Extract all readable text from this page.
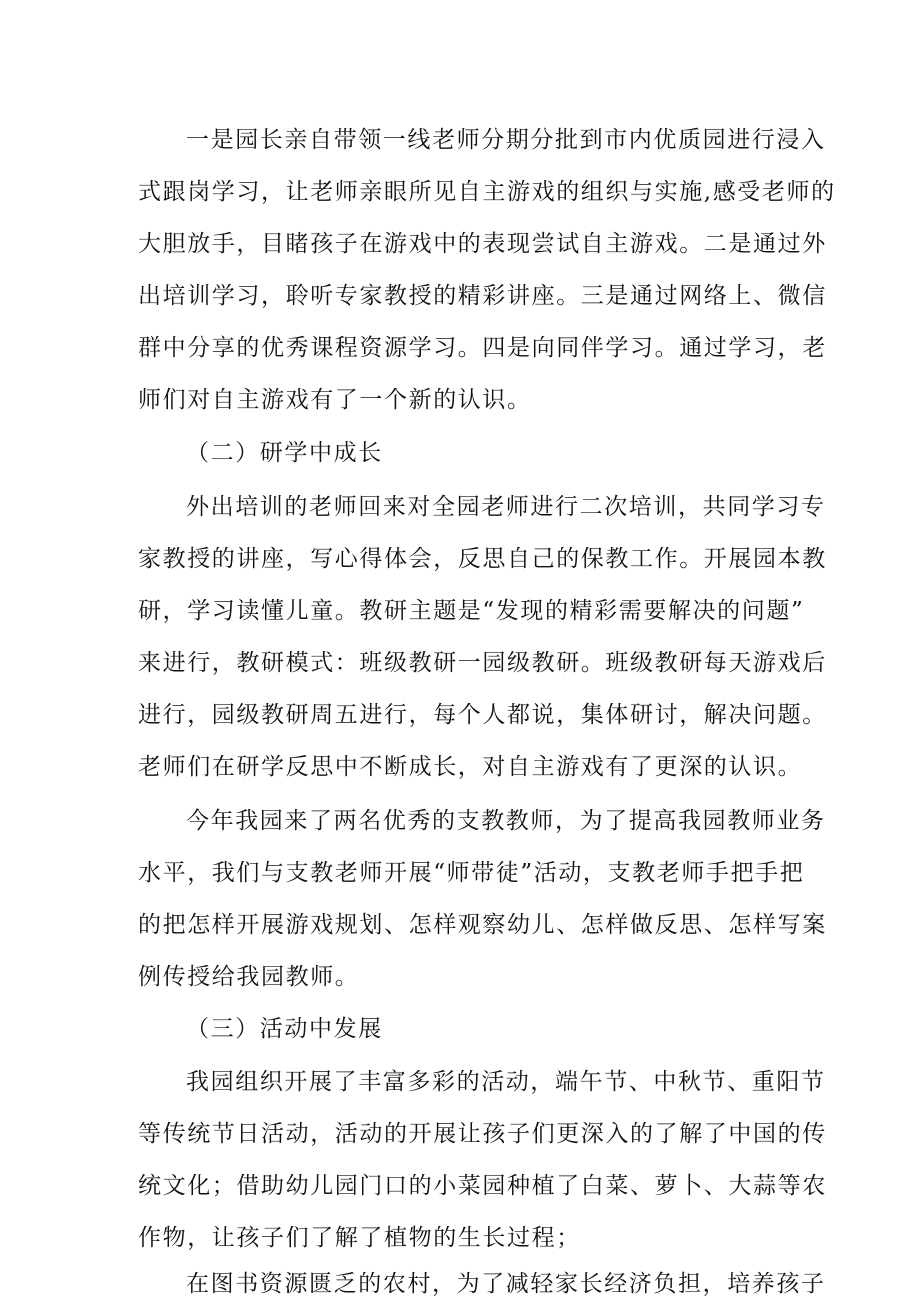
一是园长亲自带领一线老师分期分批到市内优质园进行浸入
式跟岗学习，让老师亲眼所见自主游戏的组织与实施,感受老师的
大胆放手，目睹孩子在游戏中的表现尝试自主游戏。二是通过外
出培训学习，聆听专家教授的精彩讲座。三是通过网络上、微信
群中分享的优秀课程资源学习。四是向同伴学习。通过学习，老
师们对自主游戏有了一个新的认识。
（二）研学中成长
外出培训的老师回来对全园老师进行二次培训，共同学习专
家教授的讲座，写心得体会，反思自己的保教工作。开展园本教
研，学习读懂儿童。教研主题是“发现的精彩需要解决的问题”
来进行，教研模式：班级教研一园级教研。班级教研每天游戏后
进行，园级教研周五进行，每个人都说，集体研讨，解决问题。
老师们在研学反思中不断成长，对自主游戏有了更深的认识。
今年我园来了两名优秀的支教教师，为了提高我园教师业务
水平，我们与支教老师开展“师带徒”活动，支教老师手把手把
的把怎样开展游戏规划、怎样观察幼儿、怎样做反思、怎样写案
例传授给我园教师。
（三）活动中发展
我园组织开展了丰富多彩的活动，端午节、中秋节、重阳节
等传统节日活动，活动的开展让孩子们更深入的了解了中国的传
统文化；借助幼儿园门口的小菜园种植了白菜、萝卜、大蒜等农
作物，让孩子们了解了植物的生长过程；
在图书资源匮乏的农村，为了减轻家长经济负担，培养孩子
